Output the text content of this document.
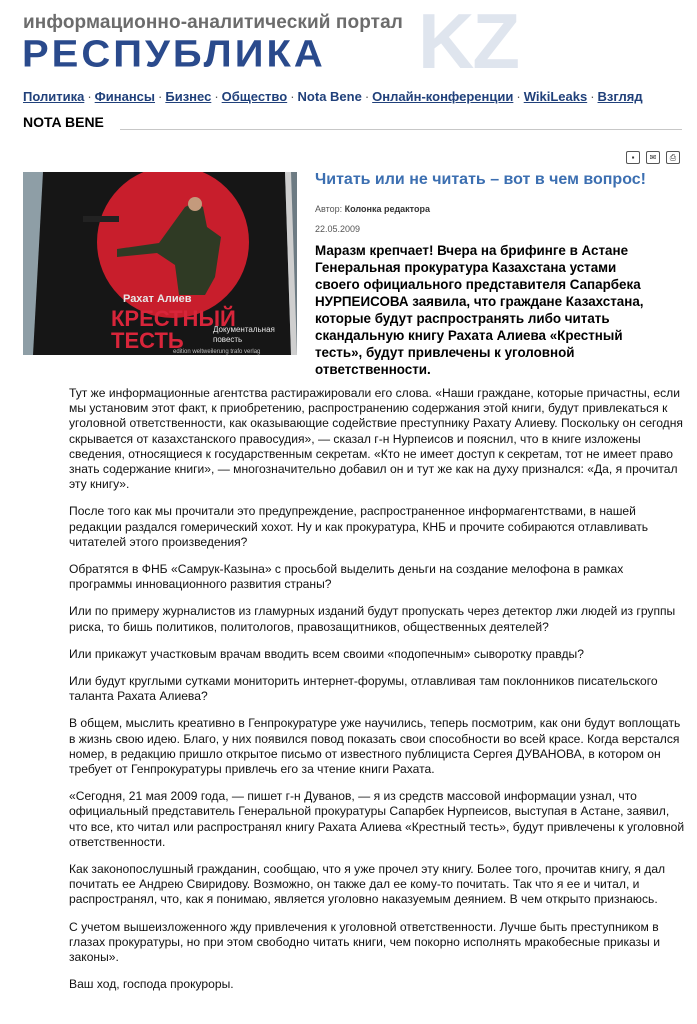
KZ
информационно-аналитический портал
РЕСПУБЛИКА
Политика · Финансы · Бизнес · Общество · Nota Bene · Онлайн-конференции · WikiLeaks · Взгляд
NOTA BENE
▪	✉	⎙
Рахат Алиев
КРЕСТНЫЙ
ТЕСТЬ	Документальная
повесть
edition weltweilerung trafo verlag
Читать или не читать – вот в чем вопрос!
Автор: Колонка редактора
22.05.2009
Маразм крепчает! Вчера на брифинге в Астане Генеральная прокуратура Казахстана устами своего официального представителя Сапарбека НУРПЕИСОВА заявила, что граждане Казахстана, которые будут распространять либо читать скандальную книгу Рахата Алиева «Крестный тесть», будут привлечены к уголовной ответственности.

Тут же информационные агентства растиражировали его слова. «Наши граждане, которые причастны, если мы установим этот факт, к приобретению, распространению содержания этой книги, будут привлекаться к уголовной ответственности, как оказывающие содействие преступнику Рахату Алиеву. Поскольку он сегодня скрывается от казахстанского правосудия», — сказал г-н Нурпеисов и пояснил, что в книге изложены сведения, относящиеся к государственным секретам. «Кто не имеет доступ к секретам, тот не имеет право знать содержание книги», — многозначительно добавил он и тут же как на духу признался: «Да, я прочитал эту книгу».

После того как мы прочитали это предупреждение, распространенное информагентствами, в нашей редакции раздался гомерический хохот. Ну и как прокуратура, КНБ и прочите собираются отлавливать читателей этого произведения?

Обратятся в ФНБ «Самрук-Казына» с просьбой выделить деньги на создание мелофона в рамках программы инновационного развития страны?

Или по примеру журналистов из гламурных изданий будут пропускать через детектор лжи людей из группы риска, то бишь политиков, политологов, правозащитников, общественных деятелей?

Или прикажут участковым врачам вводить всем своими «подопечным» сыворотку правды?

Или будут круглыми сутками мониторить интернет-форумы, отлавливая там поклонников писательского таланта Рахата Алиева?

В общем, мыслить креативно в Генпрокуратуре уже научились, теперь посмотрим, как они будут воплощать в жизнь свою идею. Благо, у них появился повод показать свои способности во всей красе. Когда верстался номер, в редакцию пришло открытое письмо от известного публициста Сергея ДУВАНОВА, в котором он требует от Генпрокуратуры привлечь его за чтение книги Рахата.

«Сегодня, 21 мая 2009 года, — пишет г-н Дуванов, — я из средств массовой информации узнал, что официальный представитель Генеральной прокуратуры Сапарбек Нурпеисов, выступая в Астане, заявил, что все, кто читал или распространял книгу Рахата Алиева «Крестный тесть», будут привлечены к уголовной ответственности.

Как законопослушный гражданин, сообщаю, что я уже прочел эту книгу. Более того, прочитав книгу, я дал почитать ее Андрею Свиридову. Возможно, он также дал ее кому-то почитать. Так что я ее и читал, и распространял, что, как я понимаю, является уголовно наказуемым деянием. В чем открыто признаюсь.

С учетом вышеизложенного жду привлечения к уголовной ответственности. Лучше быть преступником в глазах прокуратуры, но при этом свободно читать книги, чем покорно исполнять мракобесные приказы и законы».

Ваш ход, господа прокуроры.
